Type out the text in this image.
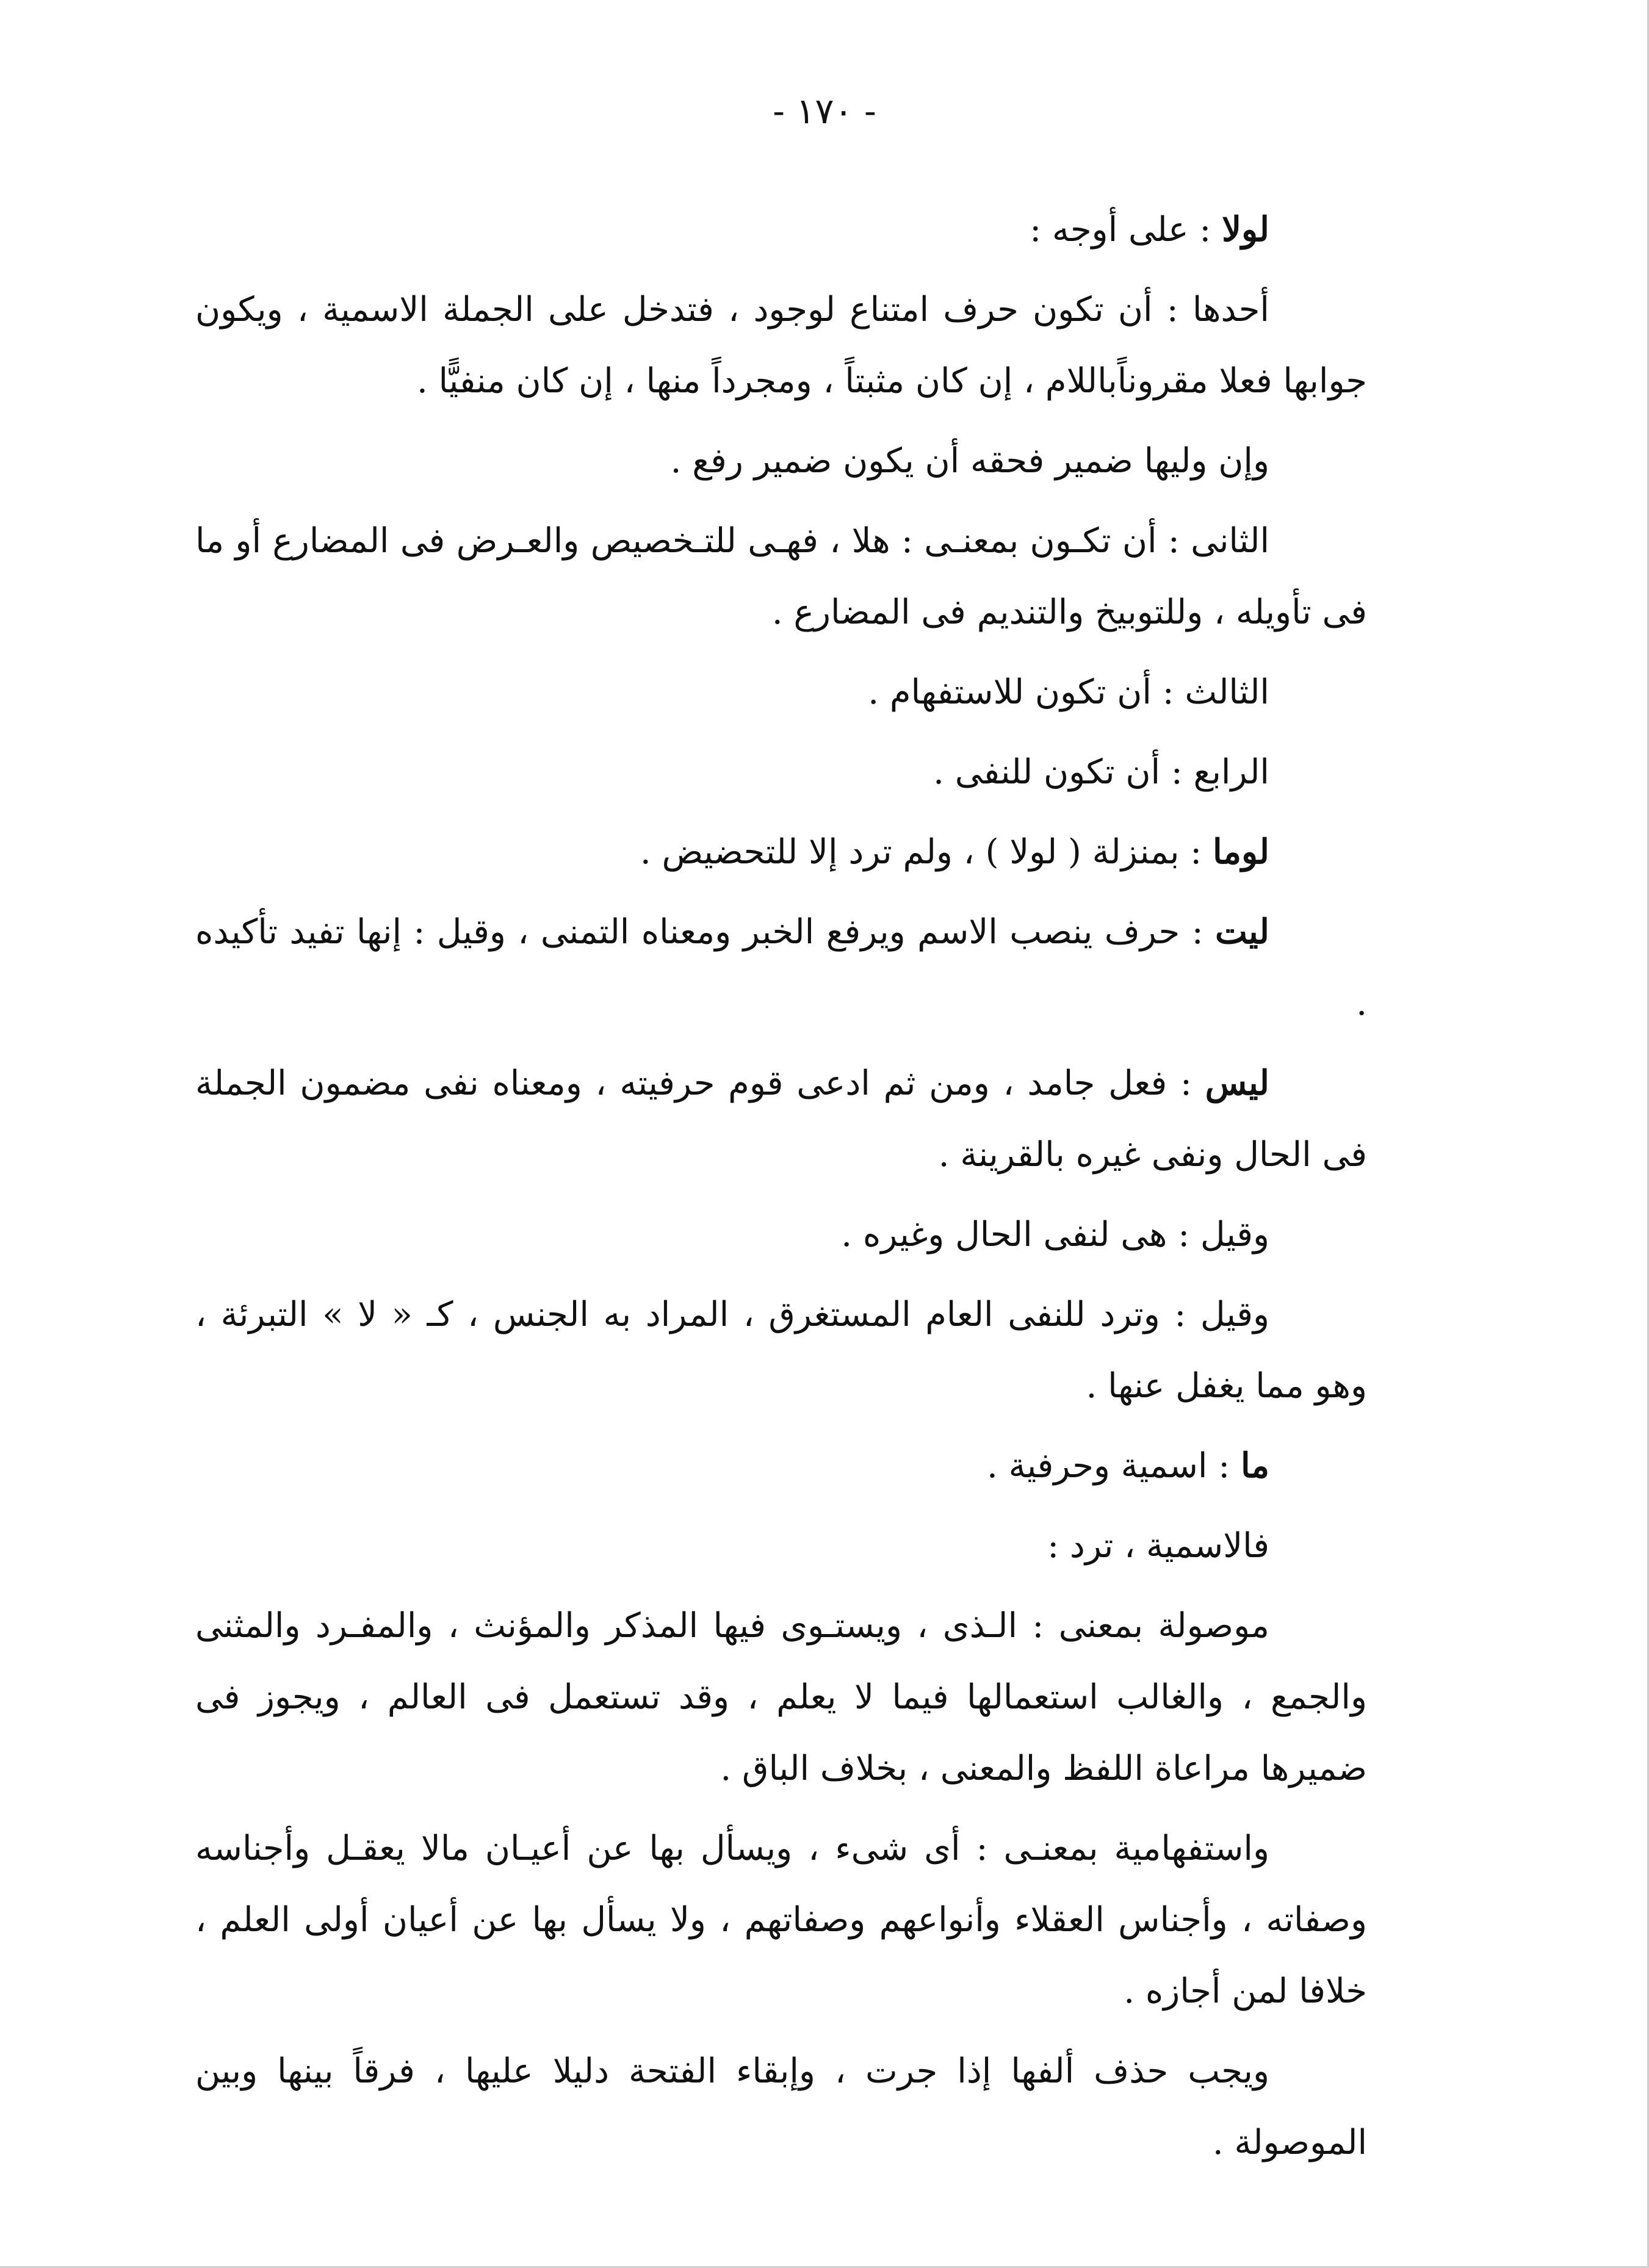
- ١٧٠ -

لولا : على أوجه :

أحدها : أن تكون حرف امتناع لوجود ، فتدخل على الجملة الاسمية ، ويكون جوابها فعلا مقروناًباللام ، إن كان مثبتاً ، ومجرداً منها ، إن كان منفيًّا .

وإن وليها ضمير فحقه أن يكون ضمير رفع .

الثانى : أن تكـون بمعنـى : هلا ، فهـى للتـخصيص والعـرض فى المضارع أو ما فى تأويله ، وللتوبيخ والتنديم فى المضارع .

الثالث : أن تكون للاستفهام .

الرابع : أن تكون للنفى .

لوما : بمنزلة ( لولا ) ، ولم ترد إلا للتحضيض .

ليت : حرف ينصب الاسم ويرفع الخبر ومعناه التمنى ، وقيل : إنها تفيد تأكيده .

ليس : فعل جامد ، ومن ثم ادعى قوم حرفيته ، ومعناه نفى مضمون الجملة فى الحال ونفى غيره بالقرينة .

وقيل : هى لنفى الحال وغيره .

وقيل : وترد للنفى العام المستغرق ، المراد به الجنس ، كـ « لا » التبرئة ، وهو مما يغفل عنها .

ما : اسمية وحرفية .

فالاسمية ، ترد :

موصولة بمعنى : الـذى ، ويستـوى فيها المذكر والمؤنث ، والمفـرد والمثنى والجمع ، والغالب استعمالها فيما لا يعلم ، وقد تستعمل فى العالم ، ويجوز فى ضميرها مراعاة اللفظ والمعنى ، بخلاف الباق .

واستفهامية بمعنـى : أى شىء ، ويسأل بها عن أعيـان مالا يعقـل وأجناسه وصفاته ، وأجناس العقلاء وأنواعهم وصفاتهم ، ولا يسأل بها عن أعيان أولى العلم ، خلافا لمن أجازه .

ويجب حذف ألفها إذا جرت ، وإبقاء الفتحة دليلا عليها ، فرقاً بينها وبين الموصولة .
